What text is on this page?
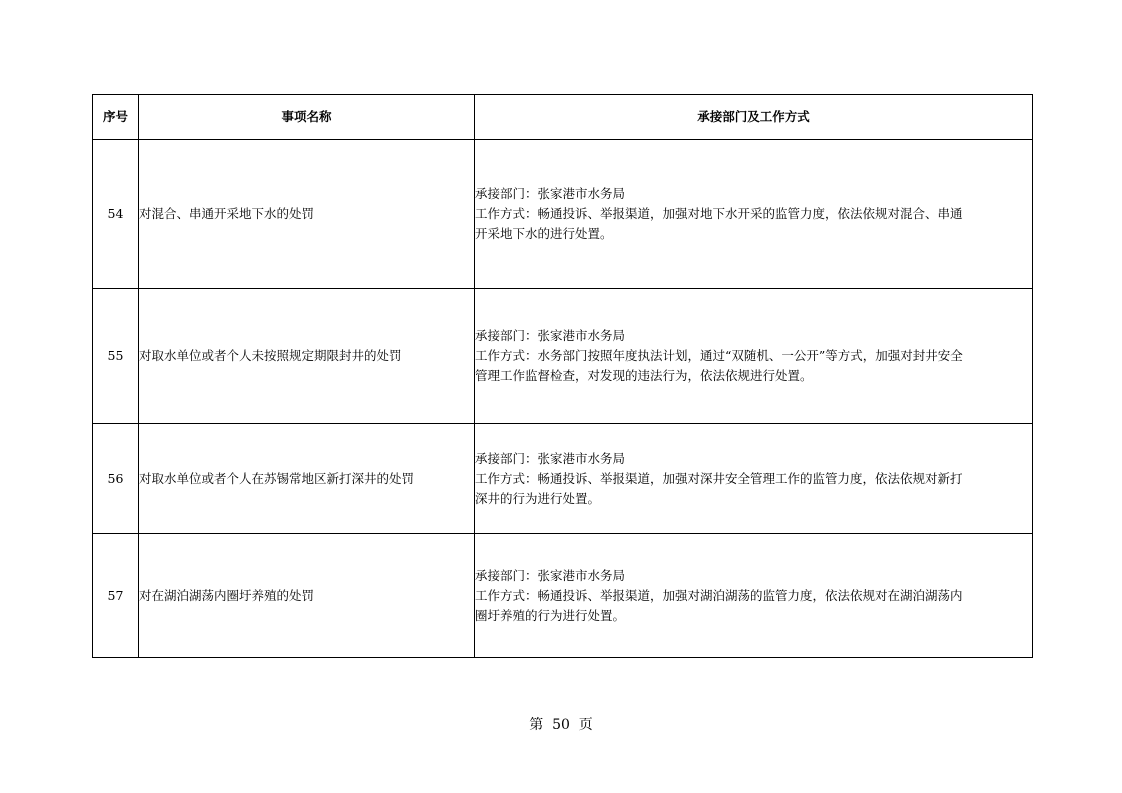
序号	事项名称	承接部门及工作方式
54	对混合、串通开采地下水的处罚	承接部门：张家港市水务局
工作方式：畅通投诉、举报渠道，加强对地下水开采的监管力度，依法依规对混合、串通
开采地下水的进行处置。

55	对取水单位或者个人未按照规定期限封井的处罚	承接部门：张家港市水务局
工作方式：水务部门按照年度执法计划，通过“双随机、一公开”等方式，加强对封井安全
管理工作监督检查，对发现的违法行为，依法依规进行处置。

56	对取水单位或者个人在苏锡常地区新打深井的处罚	承接部门：张家港市水务局
工作方式：畅通投诉、举报渠道，加强对深井安全管理工作的监管力度，依法依规对新打
深井的行为进行处置。

57	对在湖泊湖荡内圈圩养殖的处罚	承接部门：张家港市水务局
工作方式：畅通投诉、举报渠道，加强对湖泊湖荡的监管力度，依法依规对在湖泊湖荡内
圈圩养殖的行为进行处置。
第  50  页
